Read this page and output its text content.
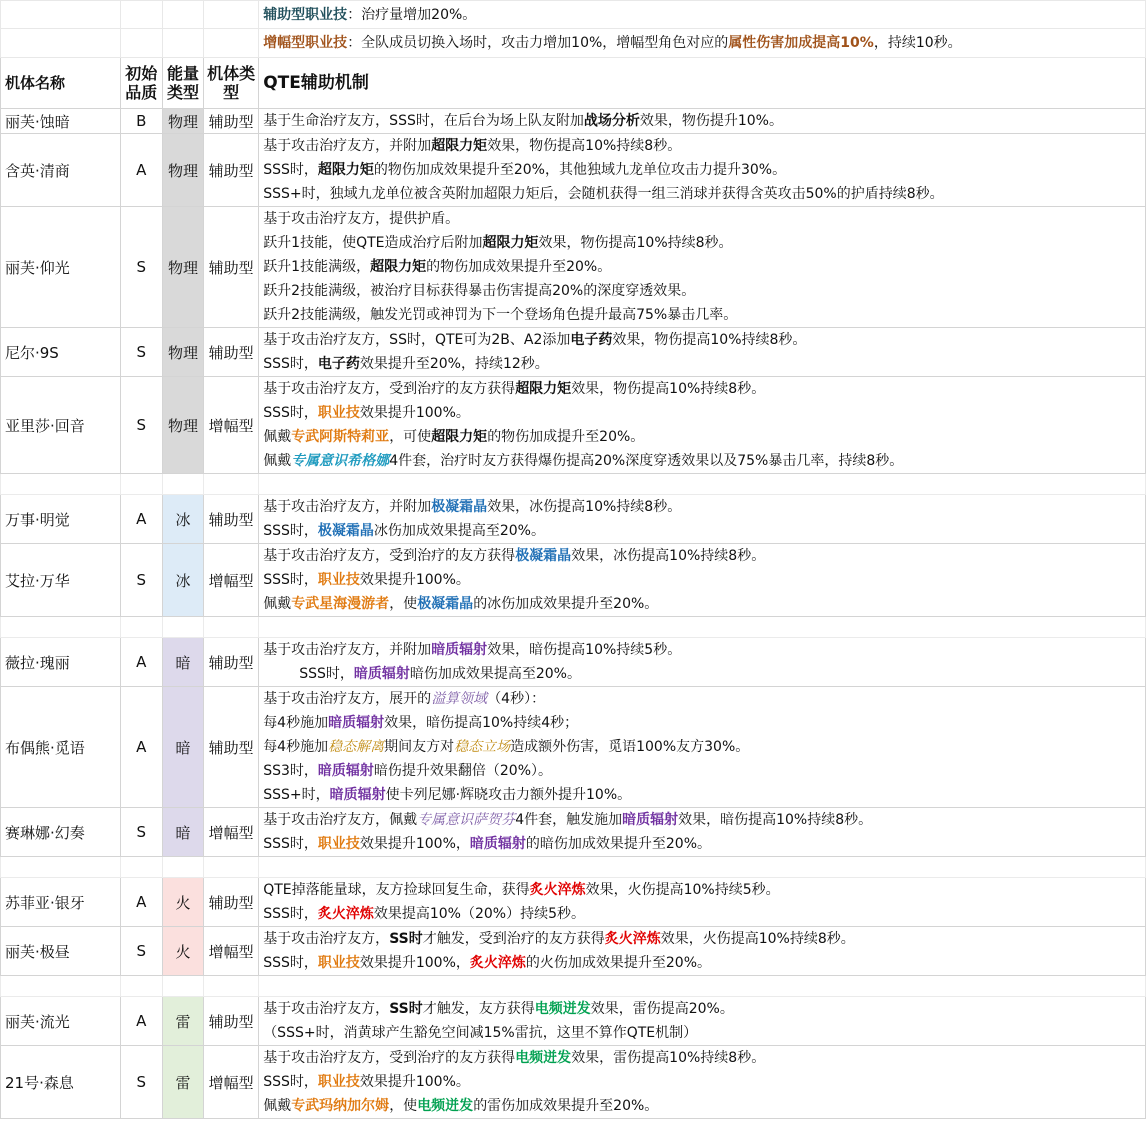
				辅助型职业技：治疗量增加20%。

				增幅型职业技：全队成员切换入场时，攻击力增加10%，增幅型角色对应的属性伤害加成提高10%，持续10秒。

机体名称	初始品质	能量类型	机体类型	QTE辅助机制
丽芙·蚀暗	B	物理	辅助型	基于生命治疗友方，SSS时，在后台为场上队友附加战场分析效果，物伤提升10%。

含英·清商	A	物理	辅助型	基于攻击治疗友方，并附加超限力矩效果，物伤提高10%持续8秒。

SSS时，超限力矩的物伤加成效果提升至20%，其他独域九龙单位攻击力提升30%。

SSS+时，独域九龙单位被含英附加超限力矩后，会随机获得一组三消球并获得含英攻击50%的护盾持续8秒。

丽芙·仰光	S	物理	辅助型	基于攻击治疗友方，提供护盾。

跃升1技能，使QTE造成治疗后附加超限力矩效果，物伤提高10%持续8秒。

跃升1技能满级，超限力矩的物伤加成效果提升至20%。

跃升2技能满级，被治疗目标获得暴击伤害提高20%的深度穿透效果。

跃升2技能满级，触发光罚或神罚为下一个登场角色提升最高75%暴击几率。

尼尔·9S	S	物理	辅助型	基于攻击治疗友方，SS时，QTE可为2B、A2添加电子药效果，物伤提高10%持续8秒。

SSS时，电子药效果提升至20%，持续12秒。

亚里莎·回音	S	物理	增幅型	基于攻击治疗友方，受到治疗的友方获得超限力矩效果，物伤提高10%持续8秒。

SSS时，职业技效果提升100%。

佩戴专武阿斯特莉亚，可使超限力矩的物伤加成提升至20%。

佩戴专属意识希格娜4件套，治疗时友方获得爆伤提高20%深度穿透效果以及75%暴击几率，持续8秒。

万事·明觉	A	冰	辅助型	基于攻击治疗友方，并附加极凝霜晶效果，冰伤提高10%持续8秒。

SSS时，极凝霜晶冰伤加成效果提高至20%。

艾拉·万华	S	冰	增幅型	基于攻击治疗友方，受到治疗的友方获得极凝霜晶效果，冰伤提高10%持续8秒。

SSS时，职业技效果提升100%。

佩戴专武星海漫游者，使极凝霜晶的冰伤加成效果提升至20%。

薇拉·瑰丽	A	暗	辅助型	基于攻击治疗友方，并附加暗质辐射效果，暗伤提高10%持续5秒。

SSS时，暗质辐射暗伤加成效果提高至20%。

布偶熊·觅语	A	暗	辅助型	基于攻击治疗友方，展开的溢算领域（4秒）：

每4秒施加暗质辐射效果，暗伤提高10%持续4秒；

每4秒施加稳态解离期间友方对稳态立场造成额外伤害，觅语100%友方30%。

SS3时，暗质辐射暗伤提升效果翻倍（20%）。

SSS+时，暗质辐射使卡列尼娜·辉晓攻击力额外提升10%。

赛琳娜·幻奏	S	暗	增幅型	基于攻击治疗友方，佩戴专属意识萨贺芬4件套，触发施加暗质辐射效果，暗伤提高10%持续8秒。

SSS时，职业技效果提升100%，暗质辐射的暗伤加成效果提升至20%。

苏菲亚·银牙	A	火	辅助型	QTE掉落能量球，友方捡球回复生命，获得炙火淬炼效果，火伤提高10%持续5秒。

SSS时，炙火淬炼效果提高10%（20%）持续5秒。

丽芙·极昼	S	火	增幅型	基于攻击治疗友方，SS时才触发，受到治疗的友方获得炙火淬炼效果，火伤提高10%持续8秒。

SSS时，职业技效果提升100%，炙火淬炼的火伤加成效果提升至20%。

丽芙·流光	A	雷	辅助型	基于攻击治疗友方，SS时才触发，友方获得电频迸发效果，雷伤提高20%。

（SSS+时，消黄球产生豁免空间减15%雷抗，这里不算作QTE机制）

21号·森息	S	雷	增幅型	基于攻击治疗友方，受到治疗的友方获得电频迸发效果，雷伤提高10%持续8秒。

SSS时，职业技效果提升100%。

佩戴专武玛纳加尔姆，使电频迸发的雷伤加成效果提升至20%。
